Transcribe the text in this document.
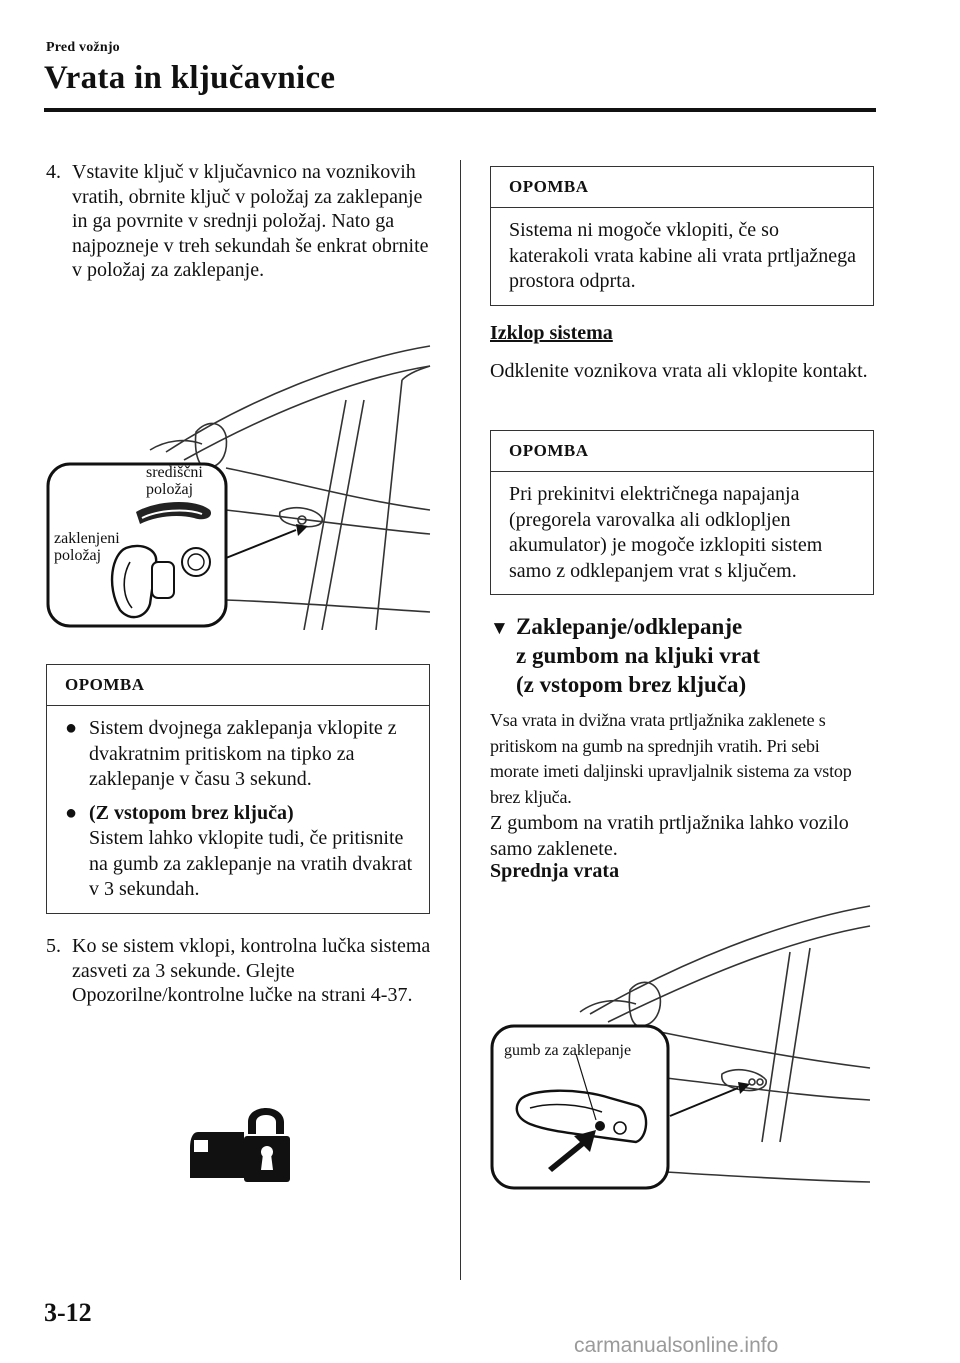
Pred vožnjo
Vrata in ključavnice
4. Vstavite ključ v ključavnico na voznikovih vratih, obrnite ključ v položaj za zaklepanje in ga povrnite v srednji položaj. Nato ga najpozneje v treh sekundah še enkrat obrnite v položaj za zaklepanje.
središčni položaj
zaklenjeni položaj
OPOMBA
● Sistem dvojnega zaklepanja vklopite z dvakratnim pritiskom na tipko za zaklepanje v času 3 sekund.
● (Z vstopom brez ključa)
Sistem lahko vklopite tudi, če pritisnite na gumb za zaklepanje na vratih dvakrat v 3 sekundah.
5. Ko se sistem vklopi, kontrolna lučka sistema zasveti za 3 sekunde. Glejte Opozorilne/kontrolne lučke na strani 4-37.
OPOMBA
Sistema ni mogoče vklopiti, če so katerakoli vrata kabine ali vrata prtljažnega prostora odprta.
Izklop sistema
Odklenite voznikova vrata ali vklopite kontakt.
OPOMBA
Pri prekinitvi električnega napajanja (pregorela varovalka ali odklopljen akumulator) je mogoče izklopiti sistem samo z odklepanjem vrat s ključem.
▼ Zaklepanje/odklepanje
z gumbom na kljuki vrat
(z vstopom brez ključa)
Vsa vrata in dvižna vrata prtljažnika zaklenete s pritiskom na gumb na sprednjih vratih. Pri sebi morate imeti daljinski upravljalnik sistema za vstop brez ključa.
Z gumbom na vratih prtljažnika lahko vozilo samo zaklenete.
Sprednja vrata
gumb za zaklepanje
3-12
carmanualsonline.info
